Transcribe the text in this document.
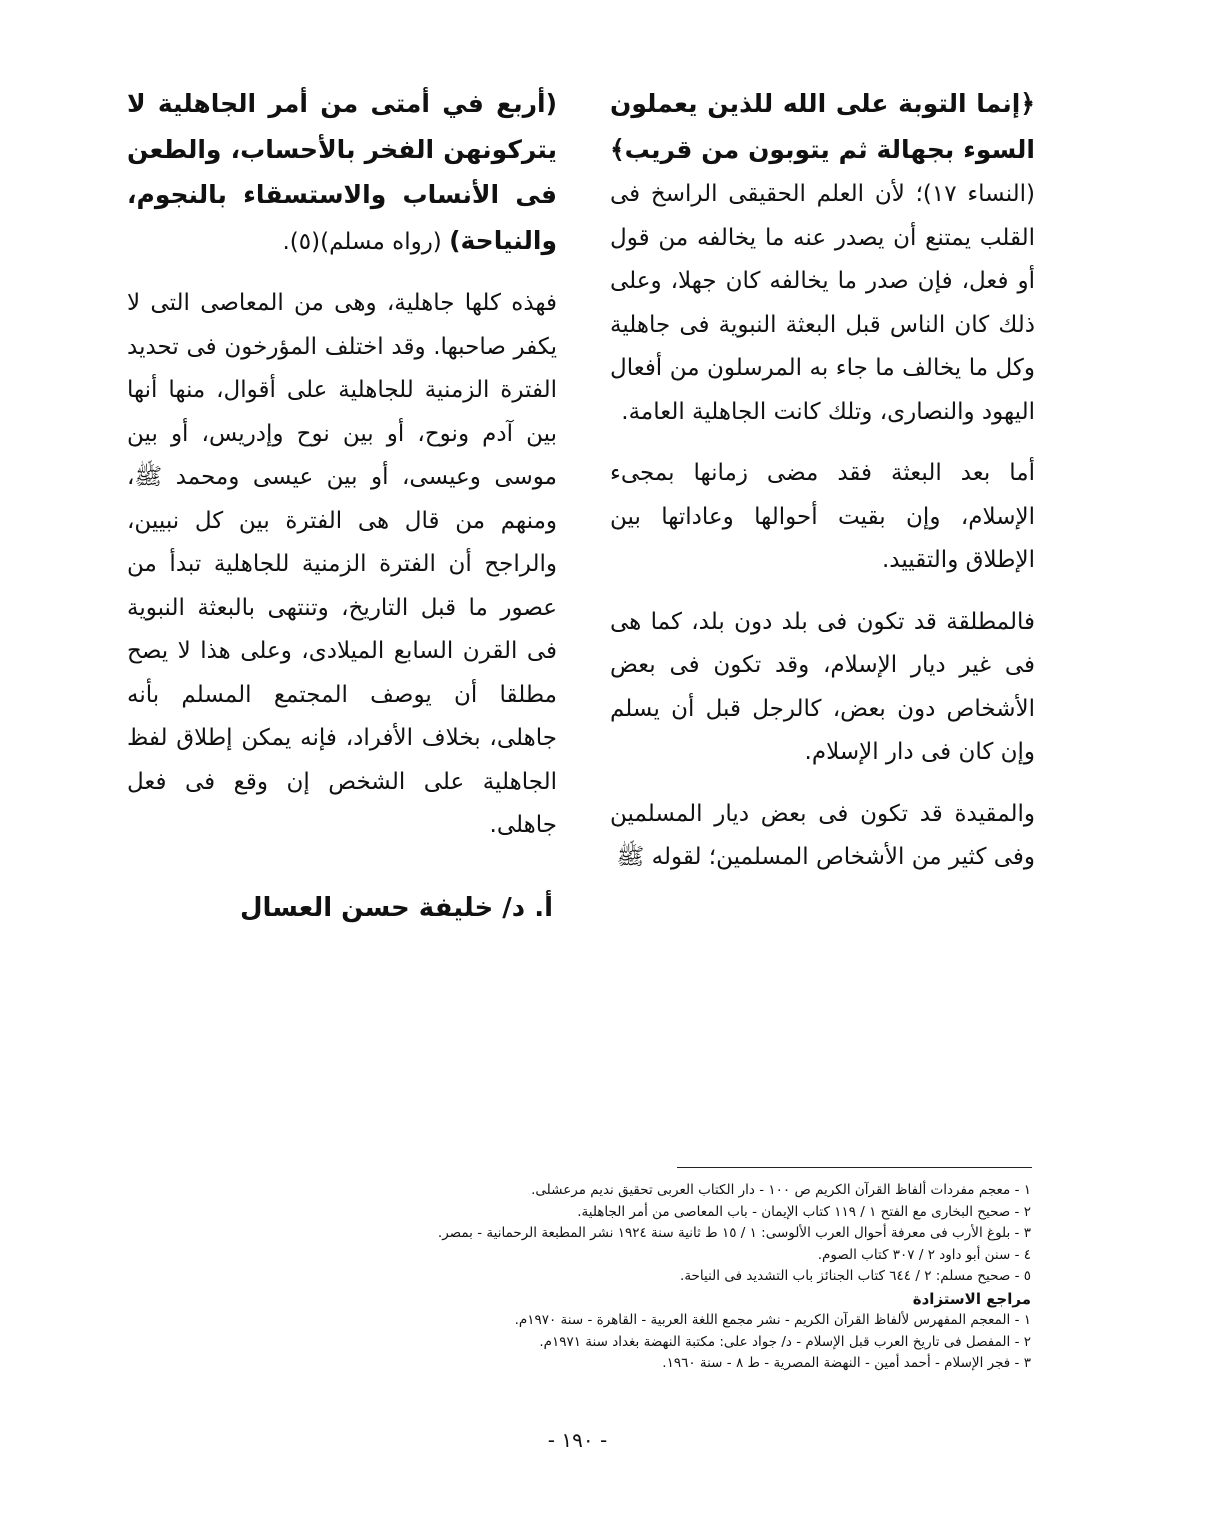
﴿إنما التوبة على الله للذين يعملون السوء بجهالة ثم يتوبون من قريب﴾ (النساء ١٧)؛ لأن العلم الحقيقى الراسخ فى القلب يمتنع أن يصدر عنه ما يخالفه من قول أو فعل، فإن صدر ما يخالفه كان جهلا، وعلى ذلك كان الناس قبل البعثة النبوية فى جاهلية وكل ما يخالف ما جاء به المرسلون من أفعال اليهود والنصارى، وتلك كانت الجاهلية العامة.

أما بعد البعثة فقد مضى زمانها بمجىء الإسلام، وإن بقيت أحوالها وعاداتها بين الإطلاق والتقييد.

فالمطلقة قد تكون فى بلد دون بلد، كما هى فى غير ديار الإسلام، وقد تكون فى بعض الأشخاص دون بعض، كالرجل قبل أن يسلم وإن كان فى دار الإسلام.

والمقيدة قد تكون فى بعض ديار المسلمين وفى كثير من الأشخاص المسلمين؛ لقوله ﷺ

(أربع في أمتى من أمر الجاهلية لا يتركونهن الفخر بالأحساب، والطعن فى الأنساب والاستسقاء بالنجوم، والنياحة) (رواه مسلم)(٥).

فهذه كلها جاهلية، وهى من المعاصى التى لا يكفر صاحبها. وقد اختلف المؤرخون فى تحديد الفترة الزمنية للجاهلية على أقوال، منها أنها بين آدم ونوح، أو بين نوح وإدريس، أو بين موسى وعيسى، أو بين عيسى ومحمد ﷺ، ومنهم من قال هى الفترة بين كل نبيين، والراجح أن الفترة الزمنية للجاهلية تبدأ من عصور ما قبل التاريخ، وتنتهى بالبعثة النبوية فى القرن السابع الميلادى، وعلى هذا لا يصح مطلقا أن يوصف المجتمع المسلم بأنه جاهلى، بخلاف الأفراد، فإنه يمكن إطلاق لفظ الجاهلية على الشخص إن وقع فى فعل جاهلى.

أ. د/ خليفة حسن العسال

١ - معجم مفردات ألفاظ القرآن الكريم ص ١٠٠ - دار الكتاب العربى تحقيق نديم مرعشلى.

٢ - صحيح البخارى مع الفتح ١ / ١١٩ كتاب الإيمان - باب المعاصى من أمر الجاهلية.

٣ - بلوغ الأرب فى معرفة أحوال العرب الألوسى: ١ / ١٥ ط ثانية سنة ١٩٢٤ نشر المطبعة الرحمانية - بمصر.

٤ - سنن أبو داود ٢ / ٣٠٧ كتاب الصوم.

٥ - صحيح مسلم: ٢ / ٦٤٤ كتاب الجنائز باب التشديد فى النياحة.

مراجع الاستزادة

١ - المعجم المفهرس لألفاظ القرآن الكريم - نشر مجمع اللغة العربية - القاهرة - سنة ١٩٧٠م.

٢ - المفصل فى تاريخ العرب قبل الإسلام - د/ جواد على: مكتبة النهضة بغداد سنة ١٩٧١م.

٣ - فجر الإسلام - أحمد أمين - النهضة المصرية - ط ٨ - سنة ١٩٦٠.

- ١٩٠ -
